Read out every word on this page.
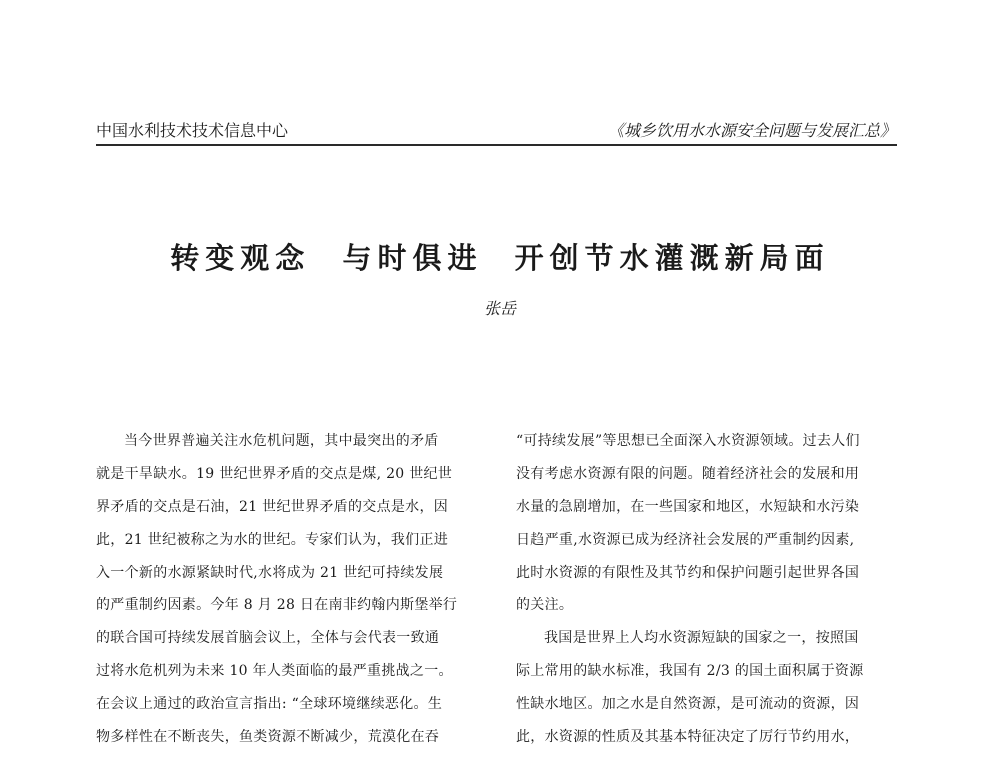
中国水利技术技术信息中心	《城乡饮用水水源安全问题与发展汇总》
转变观念  与时俱进  开创节水灌溉新局面
张岳
当今世界普遍关注水危机问题，其中最突出的矛盾
就是干旱缺水。19 世纪世界矛盾的交点是煤, 20 世纪世
界矛盾的交点是石油，21 世纪世界矛盾的交点是水，因
此，21 世纪被称之为水的世纪。专家们认为，我们正进
入一个新的水源紧缺时代,水将成为 21 世纪可持续发展
的严重制约因素。今年 8 月 28 日在南非约翰内斯堡举行
的联合国可持续发展首脑会议上，全体与会代表一致通
过将水危机列为未来 10 年人类面临的最严重挑战之一。
在会议上通过的政治宣言指出: “全球环境继续恶化。生
物多样性在不断丧失，鱼类资源不断减少，荒漠化在吞
“可持续发展”等思想已全面深入水资源领域。过去人们
没有考虑水资源有限的问题。随着经济社会的发展和用
水量的急剧增加，在一些国家和地区，水短缺和水污染
日趋严重,水资源已成为经济社会发展的严重制约因素,
此时水资源的有限性及其节约和保护问题引起世界各国
的关注。
我国是世界上人均水资源短缺的国家之一，按照国
际上常用的缺水标准，我国有 2/3 的国土面积属于资源
性缺水地区。加之水是自然资源，是可流动的资源，因
此，水资源的性质及其基本特征决定了厉行节约用水，
